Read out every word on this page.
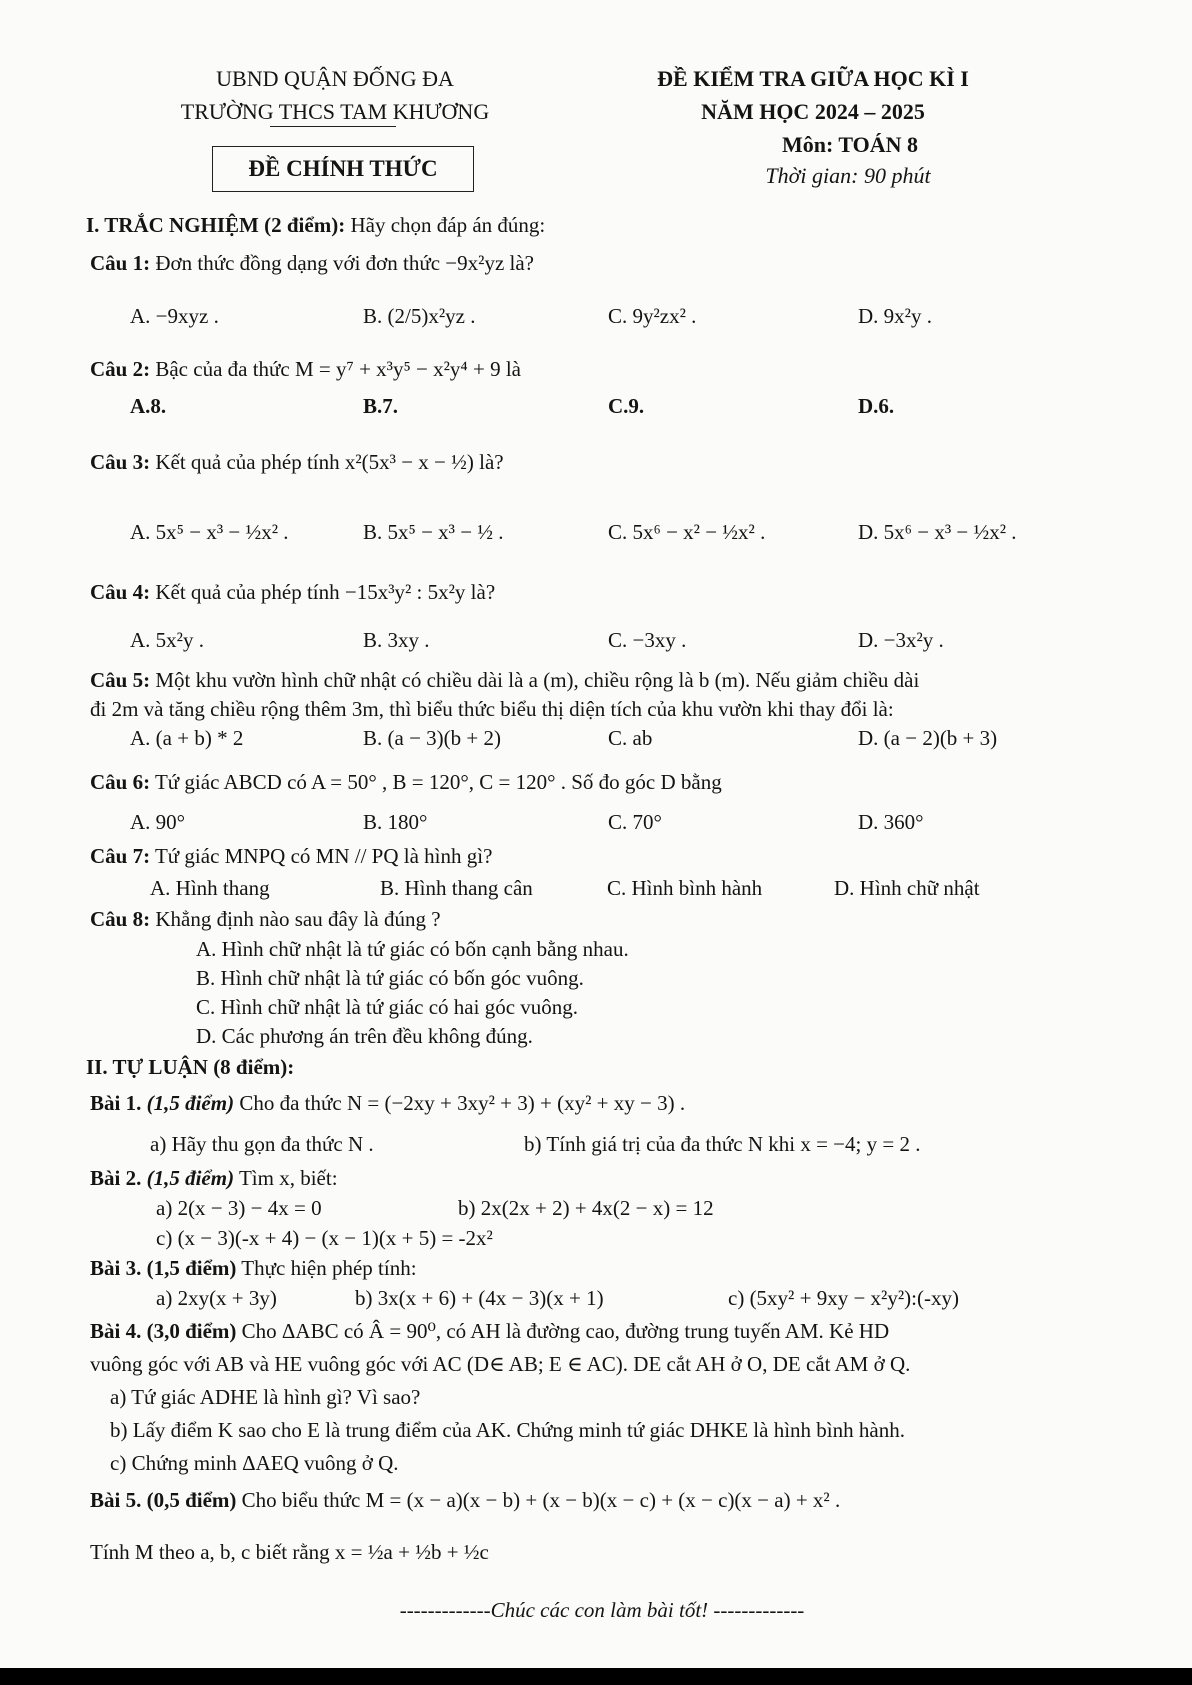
UBND QUẬN ĐỐNG ĐA
TRƯỜNG THCS TAM KHƯƠNG
ĐỀ CHÍNH THỨC
ĐỀ KIỂM TRA GIỮA HỌC KÌ I
NĂM HỌC 2024 – 2025
Môn: TOÁN 8
Thời gian: 90 phút
I. TRẮC NGHIỆM (2 điểm): Hãy chọn đáp án đúng:
Câu 1: Đơn thức đồng dạng với đơn thức −9x²yz là?
A. −9xyz .	B. (2/5)x²yz .	C. 9y²zx² .	D. 9x²y .
Câu 2: Bậc của đa thức M = y⁷ + x³y⁵ − x²y⁴ + 9 là
A.8.	B.7.	C.9.	D.6.
Câu 3: Kết quả của phép tính x²(5x³ − x − ½) là?
A. 5x⁵ − x³ − ½x² .	B. 5x⁵ − x³ − ½ .	C. 5x⁶ − x² − ½x² .	D. 5x⁶ − x³ − ½x² .
Câu 4: Kết quả của phép tính −15x³y² : 5x²y là?
A. 5x²y .	B. 3xy .	C. −3xy .	D. −3x²y .
Câu 5: Một khu vườn hình chữ nhật có chiều dài là a (m), chiều rộng là b (m). Nếu giảm chiều dài
đi 2m và tăng chiều rộng thêm 3m, thì biểu thức biểu thị diện tích của khu vườn khi thay đổi là:
A. (a + b) * 2	B. (a − 3)(b + 2)	C. ab	D. (a − 2)(b + 3)
Câu 6: Tứ giác ABCD có A = 50° , B = 120°, C = 120° . Số đo góc D bằng
A. 90°	B. 180°	C. 70°	D. 360°
Câu 7: Tứ giác MNPQ có MN // PQ là hình gì?
A. Hình thang	B. Hình thang cân	C. Hình bình hành	D. Hình chữ nhật
Câu 8: Khẳng định nào sau đây là đúng ?
A. Hình chữ nhật là tứ giác có bốn cạnh bằng nhau.
B. Hình chữ nhật là tứ giác có bốn góc vuông.
C. Hình chữ nhật là tứ giác có hai góc vuông.
D. Các phương án trên đều không đúng.
II. TỰ LUẬN (8 điểm):
Bài 1. (1,5 điểm) Cho đa thức N = (−2xy + 3xy² + 3) + (xy² + xy − 3) .
a) Hãy thu gọn đa thức N .	b) Tính giá trị của đa thức N khi x = −4; y = 2 .
Bài 2. (1,5 điểm) Tìm x, biết:
a) 2(x − 3) − 4x = 0	b) 2x(2x + 2) + 4x(2 − x) = 12
c) (x − 3)(-x + 4) − (x − 1)(x + 5) = -2x²
Bài 3. (1,5 điểm) Thực hiện phép tính:
a) 2xy(x + 3y)	b) 3x(x + 6) + (4x − 3)(x + 1)	c) (5xy² + 9xy − x²y²):(-xy)
Bài 4. (3,0 điểm) Cho ΔABC có Â = 90⁰, có AH là đường cao, đường trung tuyến AM. Kẻ HD
vuông góc với AB và HE vuông góc với AC (D∈ AB; E ∈ AC). DE cắt AH ở O, DE cắt AM ở Q.
a) Tứ giác ADHE là hình gì? Vì sao?
b) Lấy điểm K sao cho E là trung điểm của AK. Chứng minh tứ giác DHKE là hình bình hành.
c) Chứng minh ΔAEQ vuông ở Q.
Bài 5. (0,5 điểm) Cho biểu thức M = (x − a)(x − b) + (x − b)(x − c) + (x − c)(x − a) + x² .
Tính M theo a, b, c biết rằng x = ½a + ½b + ½c
-------------Chúc các con làm bài tốt! -------------
